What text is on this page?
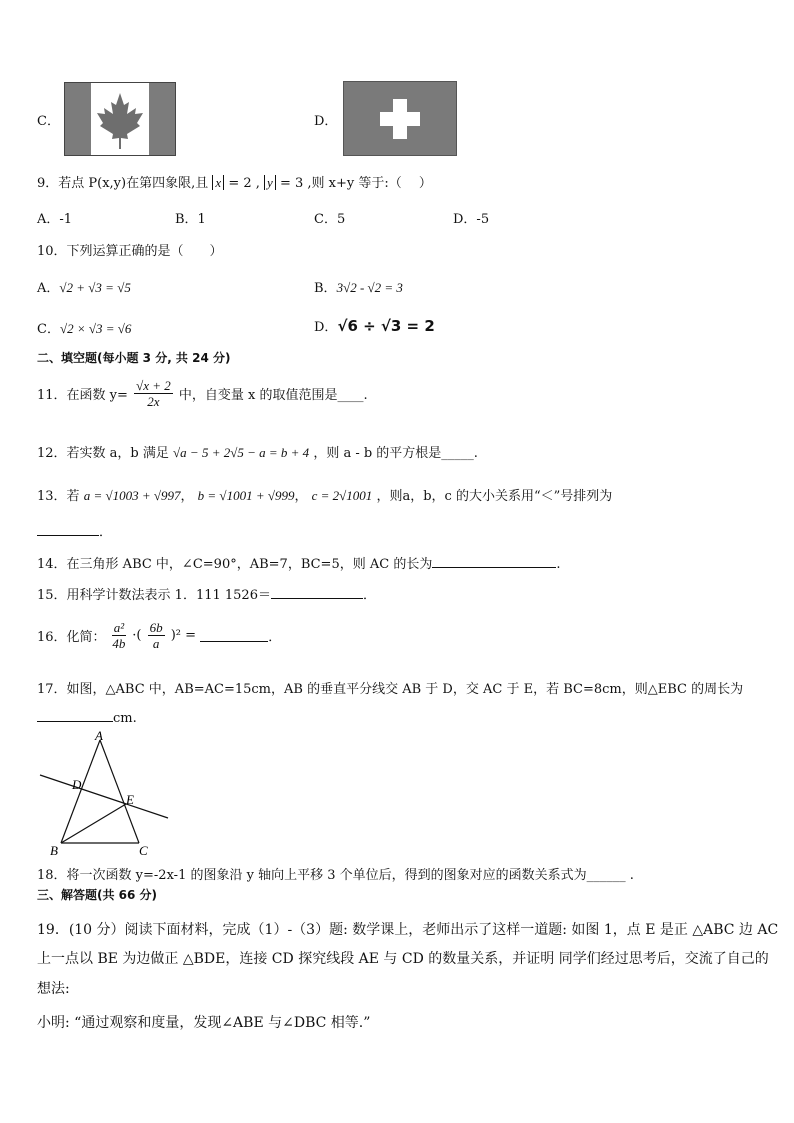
C．	D．
9．若点 P(x,y)在第四象限,且 x = 2 , y = 3 ,则 x+y 等于:（　 ）
A．-1	B．1	C．5	D．-5
10．下列运算正确的是（　　）
A．√2 + √3 = √5	B．3√2 - √2 = 3
C．√2 × √3 = √6	D．√6 ÷ √3 = 2
二、填空题(每小题 3 分, 共 24 分)
11．在函数 $y= \frac{√x + 2}{2x}$ 中，自变量 x 的取值范围是____.
12．若实数 a，b 满足 √a − 5 + 2√5 − a = b + 4 ，则 a - b 的平方根是_____.
13．若 a = √1003 + √997， b = √1001 + √999， c = 2√1001 ，则a，b，c 的大小关系用“＜”号排列为
．
14．在三角形 ABC 中，∠C=90°，AB=7，BC=5，则 AC 的长为	.
15．用科学计数法表示 1．111 1526＝	．
16．化简： $\frac{\text{a²}}{4b}$ ·( $\frac{6b}{a} )^2$ =	．
17．如图，△ABC 中，AB=AC=15cm，AB 的垂直平分线交 AB 于 D，交 AC 于 E，若 BC=8cm，则△EBC 的周长为
cm.
A
B	C
D
E
18．将一次函数 y=-2x-1 的图象沿 y 轴向上平移 3 个单位后，得到的图象对应的函数关系式为______ .
三、解答题(共 66 分)
19．(10 分）阅读下面材料，完成（1）-（3）题: 数学课上，老师出示了这样一道题: 如图 1，点 E 是正 △ABC 边 AC
上一点以 BE 为边做正 △BDE，连接 CD 探究线段 AE 与 CD 的数量关系，并证明 同学们经过思考后，交流了自己的
想法:
小明: “通过观察和度量，发现∠ABE 与∠DBC 相等.”
